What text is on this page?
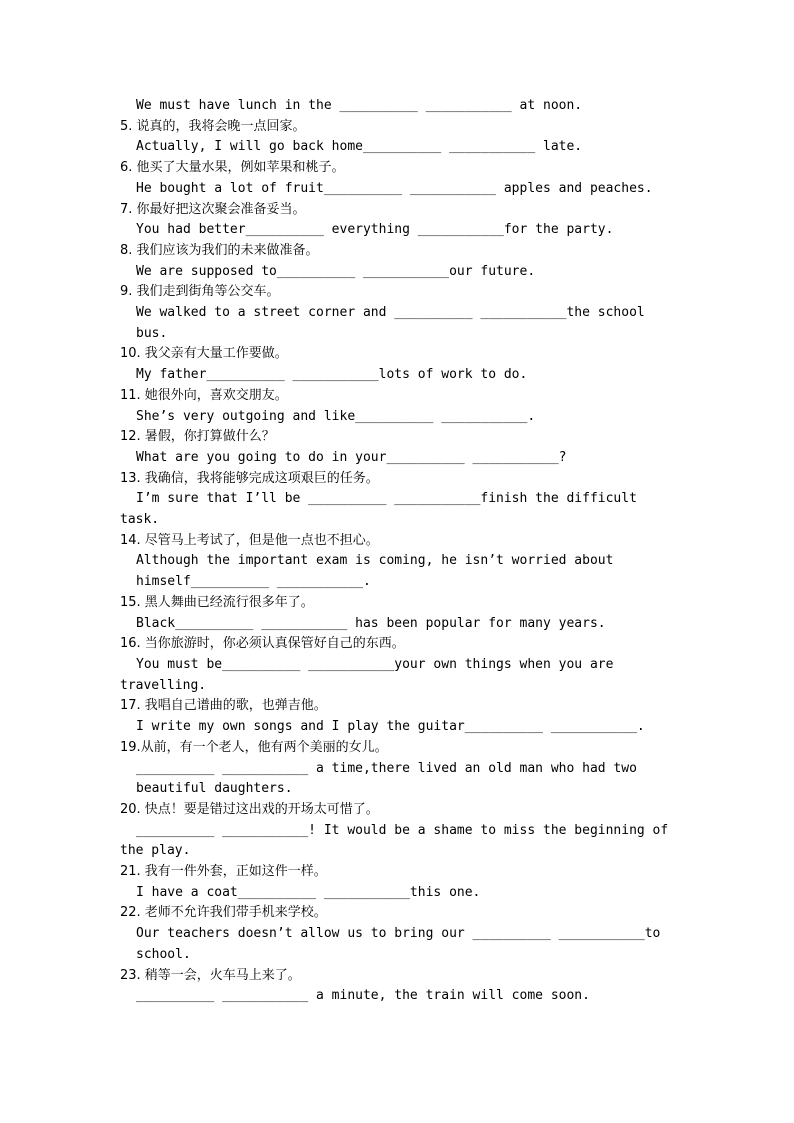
We must have lunch in the __________ ___________ at noon.
5. 说真的，我将会晚一点回家。
Actually, I will go back home__________ ___________ late.
6. 他买了大量水果，例如苹果和桃子。
He bought a lot of fruit__________ ___________ apples and peaches.
7. 你最好把这次聚会准备妥当。
You had better__________ everything ___________for the party.
8. 我们应该为我们的未来做准备。
We are supposed to__________ ___________our future.
9. 我们走到街角等公交车。
We walked to a street corner and __________ ___________the school
bus.
10. 我父亲有大量工作要做。
My father__________ ___________lots of work to do.
11. 她很外向，喜欢交朋友。
She’s very outgoing and like__________ ___________.
12. 暑假，你打算做什么？
What are you going to do in your__________ ___________?
13. 我确信，我将能够完成这项艰巨的任务。
I’m sure that I’ll be __________ ___________finish the difficult
task.
14. 尽管马上考试了，但是他一点也不担心。
Although the important exam is coming, he isn’t worried about
himself__________ ___________.
15. 黑人舞曲已经流行很多年了。
Black__________ ___________ has been popular for many years.
16. 当你旅游时，你必须认真保管好自己的东西。
You must be__________ ___________your own things when you are
travelling.
17. 我唱自己谱曲的歌，也弹吉他。
I write my own songs and I play the guitar__________ ___________.
19.从前，有一个老人，他有两个美丽的女儿。
__________ ___________ a time,there lived an old man who had two
beautiful daughters.
20. 快点！要是错过这出戏的开场太可惜了。
__________ ___________! It would be a shame to miss the beginning of
the play.
21. 我有一件外套，正如这件一样。
I have a coat__________ ___________this one.
22. 老师不允许我们带手机来学校。
Our teachers doesn’t allow us to bring our __________ ___________to
school.
23. 稍等一会，火车马上来了。
__________ ___________ a minute, the train will come soon.
